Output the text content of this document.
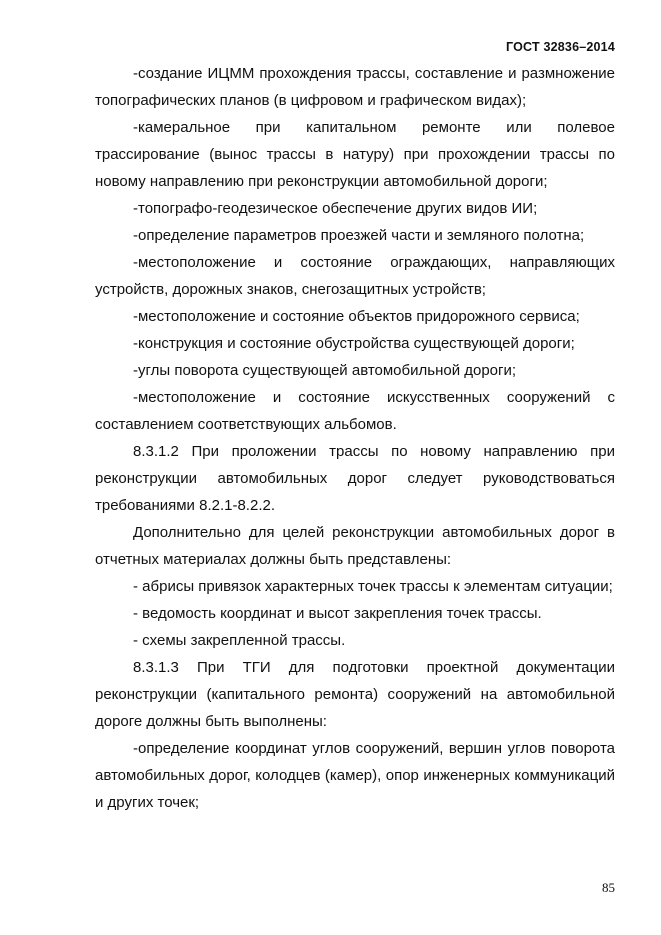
ГОСТ 32836–2014

-создание ИЦММ прохождения трассы, составление и размножение топографических планов (в цифровом и графическом видах);

-камеральное при капитальном ремонте или полевое трассирование (вынос трассы в натуру) при прохождении трассы по новому направлению при реконструкции автомобильной дороги;

-топографо-геодезическое обеспечение других видов ИИ;

-определение параметров проезжей части и земляного полотна;

-местоположение и состояние ограждающих, направляющих устройств, дорожных знаков, снегозащитных устройств;

-местоположение и состояние объектов придорожного сервиса;

-конструкция и состояние обустройства существующей дороги;

-углы поворота существующей автомобильной дороги;

-местоположение и состояние искусственных сооружений с составлением соответствующих альбомов.

8.3.1.2 При проложении трассы по новому направлению при реконструкции автомобильных дорог следует руководствоваться требованиями 8.2.1-8.2.2.

Дополнительно для целей реконструкции автомобильных дорог в отчетных материалах должны быть представлены:

- абрисы привязок характерных точек трассы к элементам ситуации;

- ведомость координат и высот закрепления точек трассы.

- схемы закрепленной трассы.

8.3.1.3 При ТГИ для подготовки проектной документации реконструкции (капитального ремонта) сооружений на автомобильной дороге должны быть выполнены:

-определение координат углов сооружений, вершин углов поворота автомобильных дорог, колодцев (камер), опор инженерных коммуникаций и других точек;

85
